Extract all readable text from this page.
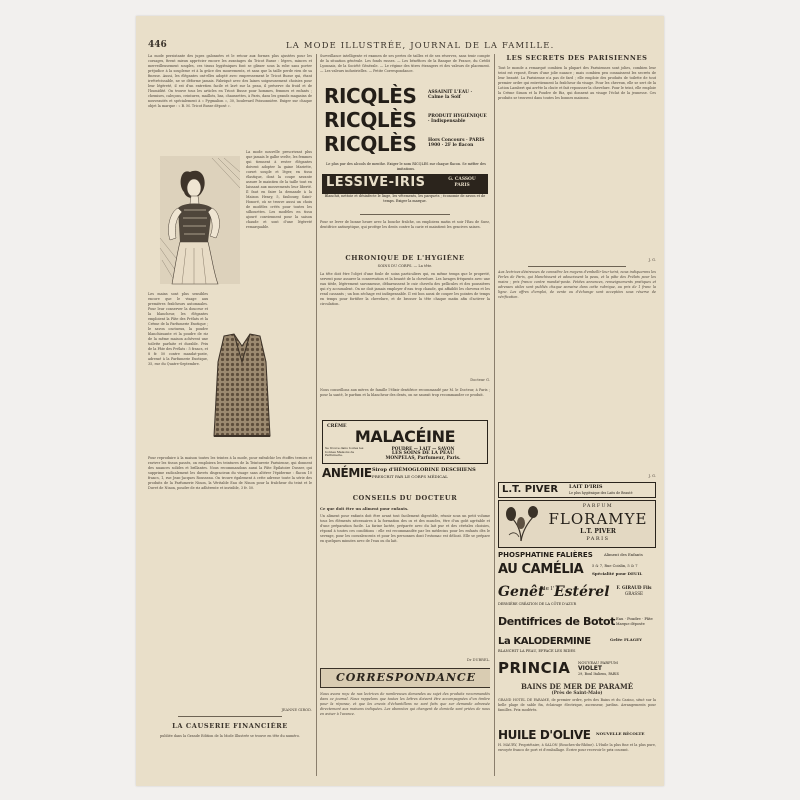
446	LA MODE ILLUSTRÉE, JOURNAL DE LA FAMILLE.
La mode persistante des jupes galonnées et le retour aux formes plus ajustées pour les corsages, firent mieux apprécier encore les avantages du Tricot Busse : légers, minces et merveilleusement souples, ces tissus hygiéniques font se glisser sous la robe sans porter préjudice à la souplesse et à la grâce des mouvements, et sans que la taille perde rien de sa finesse. Aussi, les élégantes ont-elles adopté avec empressement le Tricot Busse qui, étant irrétrécissable, ne se déforme jamais. Fabriqué avec des laines soigneusement choisies pour leur légèreté, il est d'un entretien facile et lavé sur la peau, il préserve du froid et de l'humidité. On trouve tous les articles en Tricot Busse pour hommes, femmes et enfants ; chemises, caleçons, ceintures, maillots, bas, chaussettes, à Paris, dans les grands magasins de nouveautés et spécialement à « Pygmalion », 30, boulevard Poissonnière. Exiger sur chaque objet la marque : « B. M. Tricot Busse déposé ».
La mode nouvelle prescrivant plus que jamais le galbe svelte, les femmes qui tiennent à rester élégantes doivent adopter la gaine Mariette, corset souple et léger, en tissu élastique, dont la coupe savante assure le maintien de la taille tout en laissant aux mouvements leur liberté. Il faut en faire la demande à la Maison Henry, 5, faubourg Saint-Honoré, où se trouve aussi un choix de modèles créés pour toutes les silhouettes. Les modèles en tissu ajouré conviennent pour la saison chaude et sont d'une légèreté remarquable.
Les mains sont plus sensibles encore que le visage aux premières fraîcheurs automnales. Pour leur conserver la douceur et la blancheur, les élégantes emploient la Pâte des Prélats et la Crème de la Parfumerie Exotique ; le savon onctueux, la poudre blanchissante et la poudre de riz de la même maison achèvent une toilette parfaite et durable. Prix de la Pâte des Prélats : 5 francs, et 8 fr. 50 contre mandat-poste, adressé à la Parfumerie Exotique, 35, rue du Quatre-Septembre.
Pour reproduire à la maison toutes les teintes à la mode, pour rafraîchir les étoffes ternies et raviver les tissus passés, on emploiera les teintures de la Teinturerie Parisienne, qui donnent des nuances solides et brillantes. Nous recommandons aussi la Pâte Épilatoire Dusser, qui supprime radicalement les duvets disgracieux du visage sans altérer l'épiderme : flacon 10 francs, 1, rue Jean-Jacques Rousseau. On trouve également à cette adresse toute la série des produits de la Parfumerie Ninon, la Véritable Eau de Ninon pour la fraîcheur du teint et le Duvet de Ninon, poudre de riz adhérente et invisible, 3 fr. 50.
JEANNE GIROD.
LA CAUSERIE FINANCIÈRE
publiée dans la Grande Édition de la Mode Illustrée se trouve en tête du numéro.
Surveillance intelligente et examen de ses pertes de tailles et de ses réserves, sans tenir compte de la situation générale. Les fonds russes. — Les bénéfices de la Banque de France, du Crédit Lyonnais, de la Société Générale. — Le régime des titres étrangers et des valeurs de placement. — Les valeurs industrielles. — Petite Correspondance.
RICQLÈS
RICQLÈS
RICQLÈS
ASSAINIT L'EAU · Calme la Soif
PRODUIT HYGIÉNIQUE · Indispensable
Hors Concours · PARIS 1900 · 2F le flacon
Le plus pur des alcools de menthe. Exiger le nom RICQLÈS sur chaque flacon. Se méfier des imitations.
LESSIVE-IRIS	G. CASSOU PARIS
Blanchit, nettoie et désinfecte le linge, les vêtements, les parquets ; économie de savon et de temps. Exiger la marque.
Pour se lever de bonne heure avec la bouche fraîche, on emploiera matin et soir l'Eau de Suez, dentifrice antiseptique, qui protège les dents contre la carie et maintient les gencives saines.
CHRONIQUE DE L'HYGIÈNE
SOINS DU CORPS. — La tête.
La tête doit être l'objet d'une foule de soins particuliers qui, en même temps que le propreté, servent pour assurer la conservation et la beauté de la chevelure. Les lavages fréquents avec une eau tiède, légèrement savonneuse, débarrassent le cuir chevelu des pellicules et des poussières qui s'y accumulent. On ne doit jamais employer d'eau trop chaude, qui affaiblit les cheveux et les rend cassants ; un bon séchage est indispensable. Il est bon aussi de couper les pointes de temps en temps pour fortifier la chevelure, et de brosser la tête chaque matin afin d'activer la circulation.
Docteur G.
Nous conseillons aux mères de famille l'élixir dentifrice recommandé par M. le Docteur, à Paris ; pour la santé, le parfum et la blancheur des dents, on ne saurait trop recommander ce produit.
CRÈME
MALACÉINE
POUDRE — LAIT — SAVON
LES SOINS DE LA PEAU
MONPELAS, Parfumeur, Paris.
Se trouve dans toutes les bonnes Maisons de Parfumerie.
ANÉMIE Sirop d'HÉMOGLOBINE DESCHIENS
PRESCRIT PAR LE CORPS MÉDICAL
CONSEILS DU DOCTEUR
Ce que doit être un aliment pour enfants.
Un aliment pour enfants doit être avant tout facilement digestible, réunir sous un petit volume tous les éléments nécessaires à la formation des os et des muscles, être d'un goût agréable et d'une préparation facile. La farine lactée, préparée avec du lait pur et des céréales choisies, répond à toutes ces conditions : elle est recommandée par les médecins pour les enfants dès le sevrage, pour les convalescents et pour les personnes dont l'estomac est délicat. Elle se prépare en quelques minutes avec de l'eau ou du lait.
Dr DUBREL.
CORRESPONDANCE
Nous avons reçu de nos lectrices de nombreuses demandes au sujet des produits recommandés dans ce journal. Nous rappelons que toutes les lettres doivent être accompagnées d'un timbre pour la réponse, et que les envois d'échantillons ne sont faits que sur demande adressée directement aux maisons indiquées. Les abonnées qui changent de domicile sont priées de nous en aviser à l'avance.
LES SECRETS DES PARISIENNES
Tout le monde a remarqué combien la plupart des Parisiennes sont jolies, combien leur teint est reposé, fleurs d'une jolie nuance ; mais combien peu connaissent les secrets de leur beauté. La Parisienne n'a pas de fard ; elle emploie des produits de toilette de tout premier ordre qui entretiennent la fraîcheur du visage. Pour les cheveux, elle se sert de la Lotion Lambert qui arrête la chute et fait repousser la chevelure. Pour le teint, elle emploie la Crème Simon et la Poudre de Riz, qui donnent au visage l'éclat de la jeunesse. Ces produits se trouvent dans toutes les bonnes maisons.
J. G.
Aux lectrices désireuses de connaître les moyens d'embellir leur teint, nous indiquerons les Perles de Paris, qui blanchissent et adoucissent la peau, et la pâte des Prélats pour les mains ; prix franco contre mandat-poste. Petites annonces, renseignements pratiques et adresses utiles sont publiés chaque semaine dans cette rubrique, au prix de 1 franc la ligne. Les offres d'emploi, de vente ou d'échange sont acceptées sous réserve de vérification.
J. G.
L.T. PIVER LAIT D'IRIS
Le plus hygiénique des Laits de Beauté
PARFUM
FLORAMYE
L.T. PIVER
PARIS
PHOSPHATINE FALIÈRES	Aliment des Enfants
AU CAMÉLIA 5 & 7, Rue Coislin, 5 & 7
Spécialité pour DEUIL
Genêt
de l' Estérel	F. GIRAUD Fils
GRASSE
DERNIÈRE CRÉATION DE LA CÔTE D'AZUR
Dentifrices de Botot Eau · Poudre · Pâte
Marque déposée
La KALODERMINE	Gelée FLAGEY
BLANCHIT LA PEAU, EFFACE LES RIDES
PRINCIA NOUVEAU PARFUM
VIOLET
29, Boul Italiens, PARIS
BAINS DE MER DE PARAMÉ
(Près de Saint-Malo)
GRAND HÔTEL DE PARAMÉ, de premier ordre, près des Bains et du Casino, situé sur la belle plage de sable fin, éclairage électrique, ascenseur, jardins. Arrangements pour familles. Prix modérés.
HUILE D'OLIVE NOUVELLE RÉCOLTE
H. MAURY, Propriétaire, à SALON (Bouches-du-Rhône). L'Huile la plus fine et la plus pure, envoyée franco de port et d'emballage. Écrire pour recevoir le prix courant.
